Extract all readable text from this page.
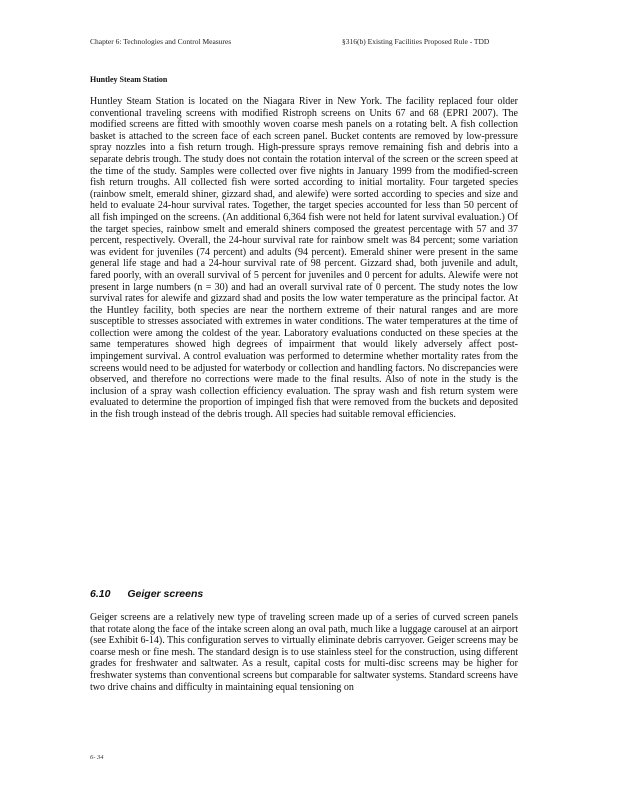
Chapter 6: Technologies and Control Measures	§316(b) Existing Facilities Proposed Rule - TDD
Huntley Steam Station

Huntley Steam Station is located on the Niagara River in New York. The facility replaced four older conventional traveling screens with modified Ristroph screens on Units 67 and 68 (EPRI 2007). The modified screens are fitted with smoothly woven coarse mesh panels on a rotating belt. A fish collection basket is attached to the screen face of each screen panel. Bucket contents are removed by low-pressure spray nozzles into a fish return trough. High-pressure sprays remove remaining fish and debris into a separate debris trough. The study does not contain the rotation interval of the screen or the screen speed at the time of the study. Samples were collected over five nights in January 1999 from the modified-screen fish return troughs. All collected fish were sorted according to initial mortality. Four targeted species (rainbow smelt, emerald shiner, gizzard shad, and alewife) were sorted according to species and size and held to evaluate 24-hour survival rates. Together, the target species accounted for less than 50 percent of all fish impinged on the screens. (An additional 6,364 fish were not held for latent survival evaluation.) Of the target species, rainbow smelt and emerald shiners composed the greatest percentage with 57 and 37 percent, respectively. Overall, the 24-hour survival rate for rainbow smelt was 84 percent; some variation was evident for juveniles (74 percent) and adults (94 percent). Emerald shiner were present in the same general life stage and had a 24-hour survival rate of 98 percent. Gizzard shad, both juvenile and adult, fared poorly, with an overall survival of 5 percent for juveniles and 0 percent for adults. Alewife were not present in large numbers (n = 30) and had an overall survival rate of 0 percent. The study notes the low survival rates for alewife and gizzard shad and posits the low water temperature as the principal factor. At the Huntley facility, both species are near the northern extreme of their natural ranges and are more susceptible to stresses associated with extremes in water conditions. The water temperatures at the time of collection were among the coldest of the year. Laboratory evaluations conducted on these species at the same temperatures showed high degrees of impairment that would likely adversely affect post-impingement survival. A control evaluation was performed to determine whether mortality rates from the screens would need to be adjusted for waterbody or collection and handling factors. No discrepancies were observed, and therefore no corrections were made to the final results. Also of note in the study is the inclusion of a spray wash collection efficiency evaluation. The spray wash and fish return system were evaluated to determine the proportion of impinged fish that were removed from the buckets and deposited in the fish trough instead of the debris trough. All species had suitable removal efficiencies.

6.10 Geiger screens

Geiger screens are a relatively new type of traveling screen made up of a series of curved screen panels that rotate along the face of the intake screen along an oval path, much like a luggage carousel at an airport (see Exhibit 6-14). This configuration serves to virtually eliminate debris carryover. Geiger screens may be coarse mesh or fine mesh. The standard design is to use stainless steel for the construction, using different grades for freshwater and saltwater. As a result, capital costs for multi-disc screens may be higher for freshwater systems than conventional screens but comparable for saltwater systems. Standard screens have two drive chains and difficulty in maintaining equal tensioning on

6- 34
